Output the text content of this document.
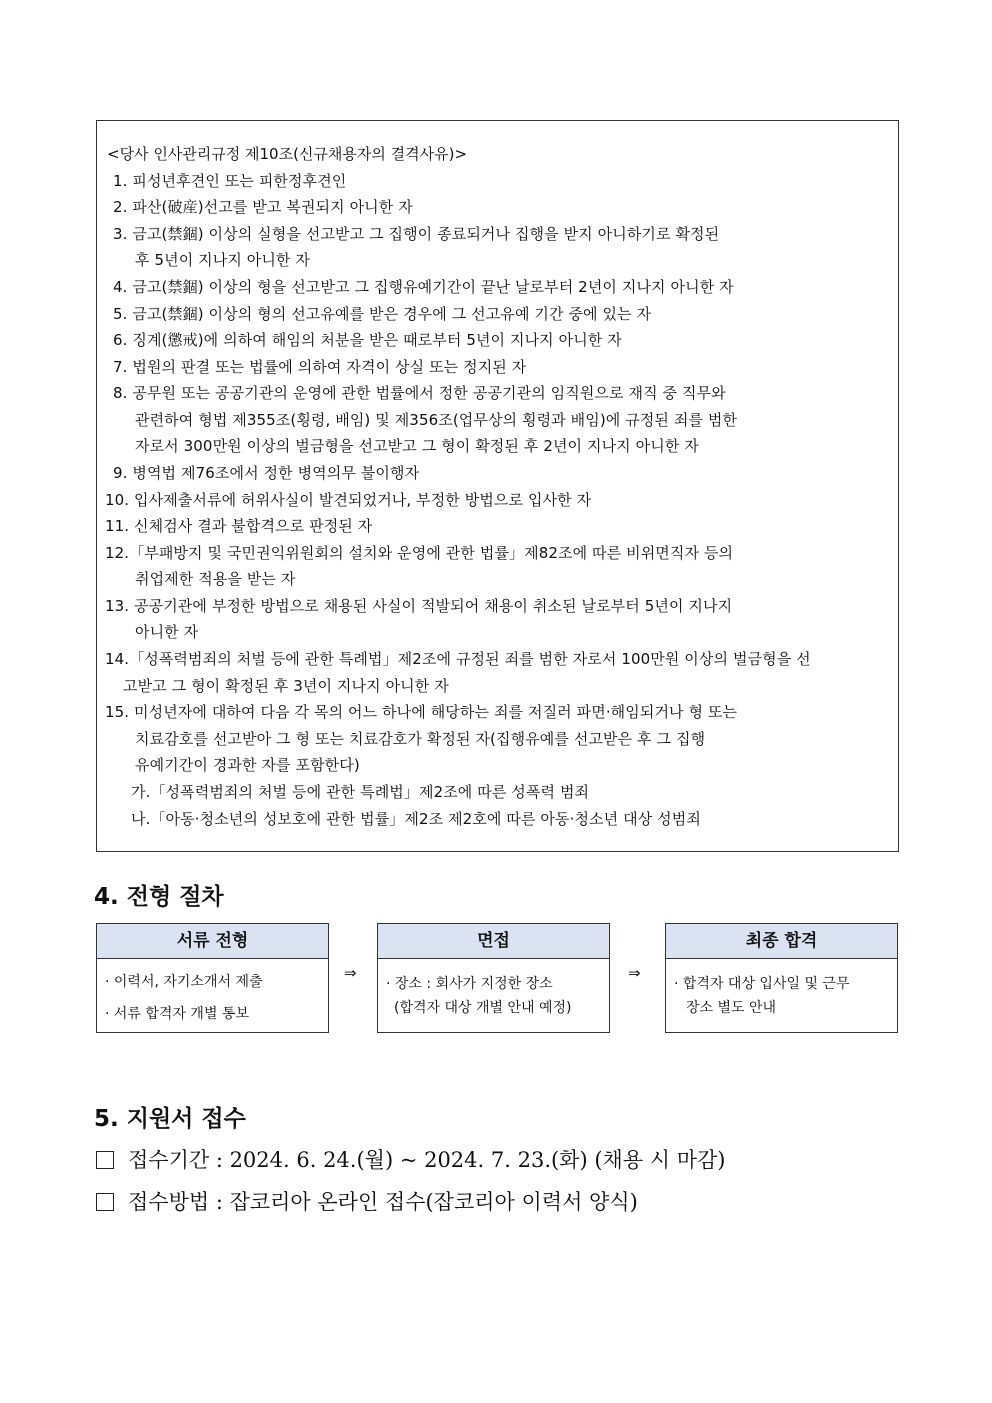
<당사 인사관리규정 제10조(신규채용자의 결격사유)>
1. 피성년후견인 또는 피한정후견인
2. 파산(破産)선고를 받고 복권되지 아니한 자
3. 금고(禁錮) 이상의 실형을 선고받고 그 집행이 종료되거나 집행을 받지 아니하기로 확정된
후 5년이 지나지 아니한 자
4. 금고(禁錮) 이상의 형을 선고받고 그 집행유예기간이 끝난 날로부터 2년이 지나지 아니한 자
5. 금고(禁錮) 이상의 형의 선고유예를 받은 경우에 그 선고유예 기간 중에 있는 자
6. 징계(懲戒)에 의하여 해임의 처분을 받은 때로부터 5년이 지나지 아니한 자
7. 법원의 판결 또는 법률에 의하여 자격이 상실 또는 정지된 자
8. 공무원 또는 공공기관의 운영에 관한 법률에서 정한 공공기관의 임직원으로 재직 중 직무와
관련하여 형법 제355조(횡령, 배임) 및 제356조(업무상의 횡령과 배임)에 규정된 죄를 범한
자로서 300만원 이상의 벌금형을 선고받고 그 형이 확정된 후 2년이 지나지 아니한 자
9. 병역법 제76조에서 정한 병역의무 불이행자
10. 입사제출서류에 허위사실이 발견되었거나, 부정한 방법으로 입사한 자
11. 신체검사 결과 불합격으로 판정된 자
12.「부패방지 및 국민권익위원회의 설치와 운영에 관한 법률」제82조에 따른 비위면직자 등의
취업제한 적용을 받는 자
13. 공공기관에 부정한 방법으로 채용된 사실이 적발되어 채용이 취소된 날로부터 5년이 지나지
아니한 자
14.「성폭력범죄의 처벌 등에 관한 특례법」제2조에 규정된 죄를 범한 자로서 100만원 이상의 벌금형을 선
고받고 그 형이 확정된 후 3년이 지나지 아니한 자
15. 미성년자에 대하여 다음 각 목의 어느 하나에 해당하는 죄를 저질러 파면·해임되거나 형 또는
치료감호를 선고받아 그 형 또는 치료감호가 확정된 자(집행유예를 선고받은 후 그 집행
유예기간이 경과한 자를 포함한다)
가.「성폭력범죄의 처벌 등에 관한 특례법」제2조에 따른 성폭력 범죄
나.「아동·청소년의 성보호에 관한 법률」제2조 제2호에 따른 아동·청소년 대상 성범죄
4. 전형 절차
서류 전형
· 이력서, 자기소개서 제출
· 서류 합격자 개별 통보
⇒
면접
· 장소 : 회사가 지정한 장소
(합격자 대상 개별 안내 예정)
⇒
최종 합격
· 합격자 대상 입사일 및 근무
장소 별도 안내
5. 지원서 접수
접수기간 : 2024. 6. 24.(월) ~ 2024. 7. 23.(화) (채용 시 마감)
접수방법 : 잡코리아 온라인 접수(잡코리아 이력서 양식)
